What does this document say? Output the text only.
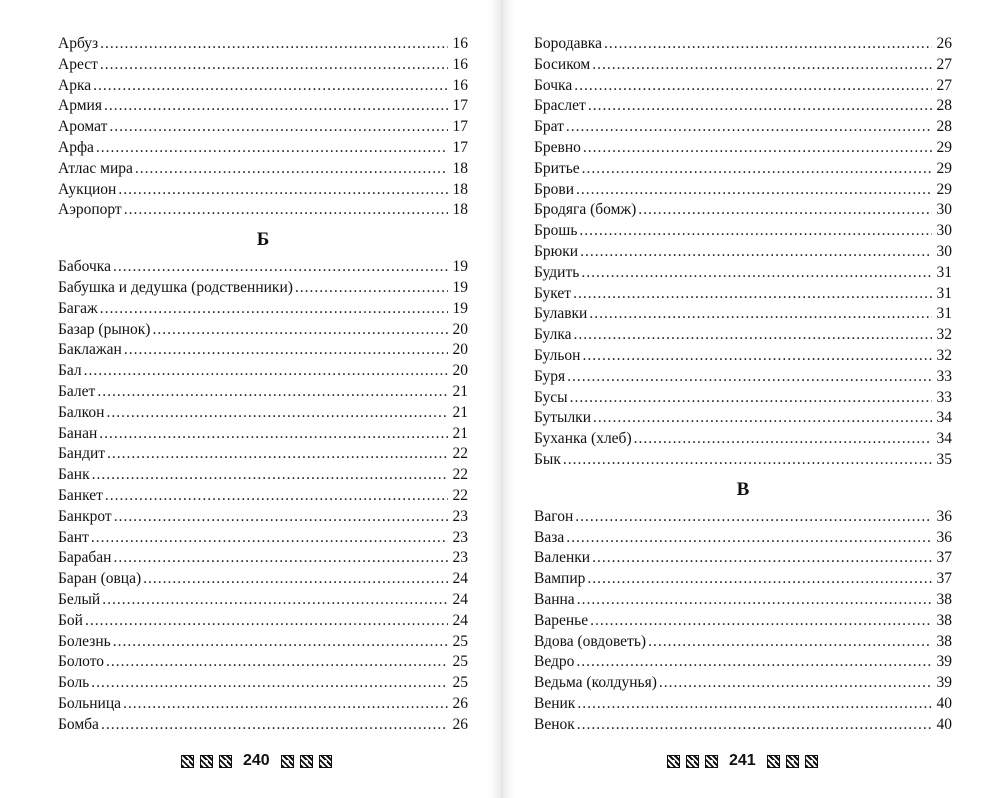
Арбуз .....	16
Арест .....	16
Арка .....	16
Армия .....	17
Аромат .....	17
Арфа .....	17
Атлас мира .....	18
Аукцион .....	18
Аэропорт .....	18
Б
Бабочка .....	19
Бабушка и дедушка (родственники) .....	19
Багаж .....	19
Базар (рынок) .....	20
Баклажан .....	20
Бал .....	20
Балет .....	21
Балкон .....	21
Банан .....	21
Бандит .....	22
Банк .....	22
Банкет .....	22
Банкрот .....	23
Бант .....	23
Барабан .....	23
Баран (овца) .....	24
Белый .....	24
Бой .....	24
Болезнь .....	25
Болото .....	25
Боль .....	25
Больница .....	26
Бомба .....	26
240
Бородавка .....	26
Босиком .....	27
Бочка .....	27
Браслет .....	28
Брат .....	28
Бревно .....	29
Бритье .....	29
Брови .....	29
Бродяга (бомж) .....	30
Брошь .....	30
Брюки .....	30
Будить .....	31
Букет .....	31
Булавки .....	31
Булка .....	32
Бульон .....	32
Буря .....	33
Бусы .....	33
Бутылки .....	34
Буханка (хлеб) .....	34
Бык .....	35
В
Вагон .....	36
Ваза .....	36
Валенки .....	37
Вампир .....	37
Ванна .....	38
Варенье .....	38
Вдова (овдоветь) .....	38
Ведро .....	39
Ведьма (колдунья) .....	39
Веник .....	40
Венок .....	40
241
